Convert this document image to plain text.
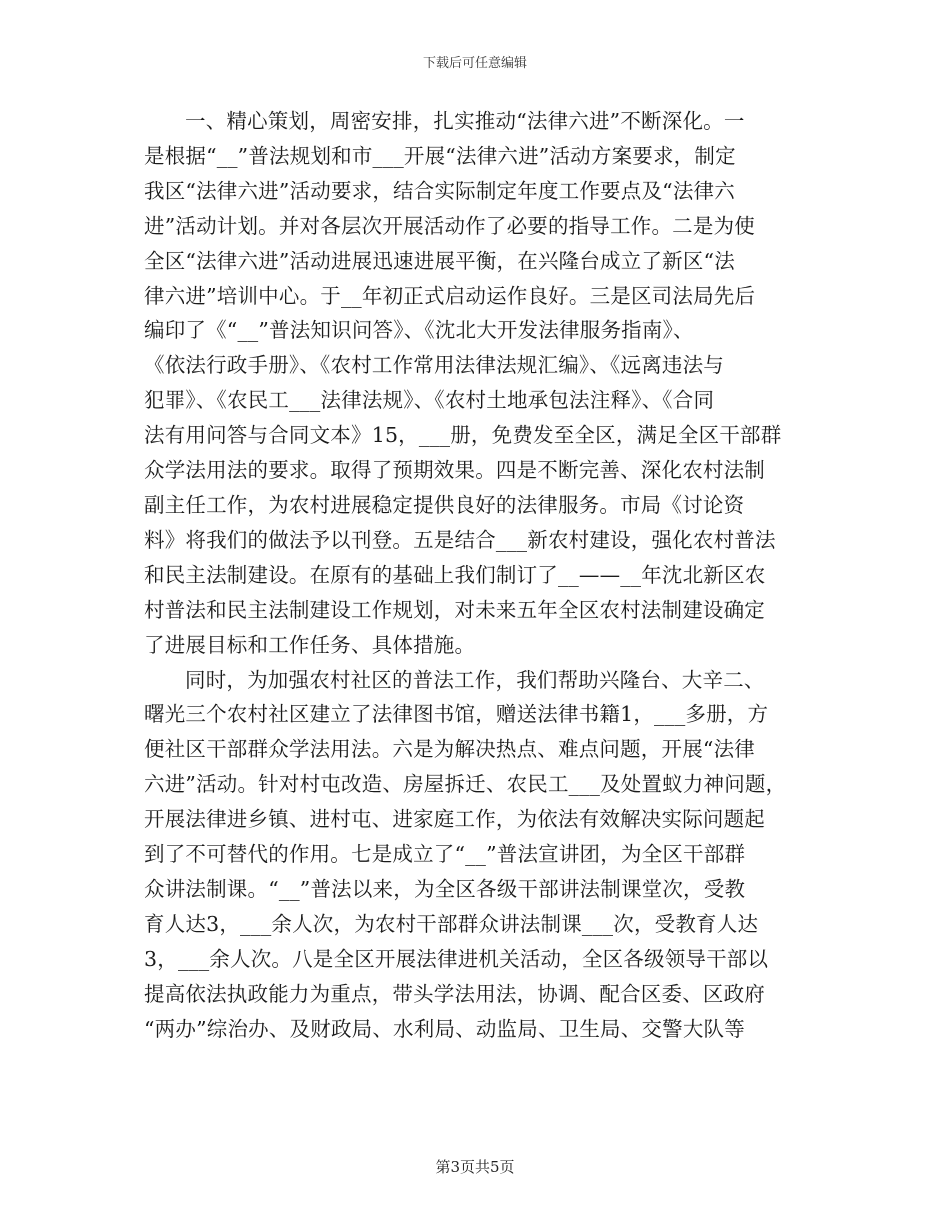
下载后可任意编辑

一、精心策划，周密安排，扎实推动“法律六进”不断深化。一
是根据“__”普法规划和市___开展“法律六进”活动方案要求，制定
我区“法律六进”活动要求，结合实际制定年度工作要点及“法律六
进”活动计划。并对各层次开展活动作了必要的指导工作。二是为使
全区“法律六进”活动进展迅速进展平衡，在兴隆台成立了新区“法
律六进”培训中心。于__年初正式启动运作良好。三是区司法局先后
编印了《“__”普法知识问答》、《沈北大开发法律服务指南》、
《依法行政手册》、《农村工作常用法律法规汇编》、《远离违法与
犯罪》、《农民工___法律法规》、《农村土地承包法注释》、《合同
法有用问答与合同文本》15，___册，免费发至全区，满足全区干部群
众学法用法的要求。取得了预期效果。四是不断完善、深化农村法制
副主任工作，为农村进展稳定提供良好的法律服务。市局《讨论资
料》将我们的做法予以刊登。五是结合___新农村建设，强化农村普法
和民主法制建设。在原有的基础上我们制订了__——__年沈北新区农
村普法和民主法制建设工作规划，对未来五年全区农村法制建设确定
了进展目标和工作任务、具体措施。

同时，为加强农村社区的普法工作，我们帮助兴隆台、大辛二、
曙光三个农村社区建立了法律图书馆，赠送法律书籍1，___多册，方
便社区干部群众学法用法。六是为解决热点、难点问题，开展“法律
六进”活动。针对村屯改造、房屋拆迁、农民工___及处置蚁力神问题，
开展法律进乡镇、进村屯、进家庭工作，为依法有效解决实际问题起
到了不可替代的作用。七是成立了“__”普法宣讲团，为全区干部群
众讲法制课。“__”普法以来，为全区各级干部讲法制课堂次，受教
育人达3，___余人次，为农村干部群众讲法制课___次，受教育人达
3，___余人次。八是全区开展法律进机关活动，全区各级领导干部以
提高依法执政能力为重点，带头学法用法，协调、配合区委、区政府
“两办”综治办、及财政局、水利局、动监局、卫生局、交警大队等

第3页共5页
